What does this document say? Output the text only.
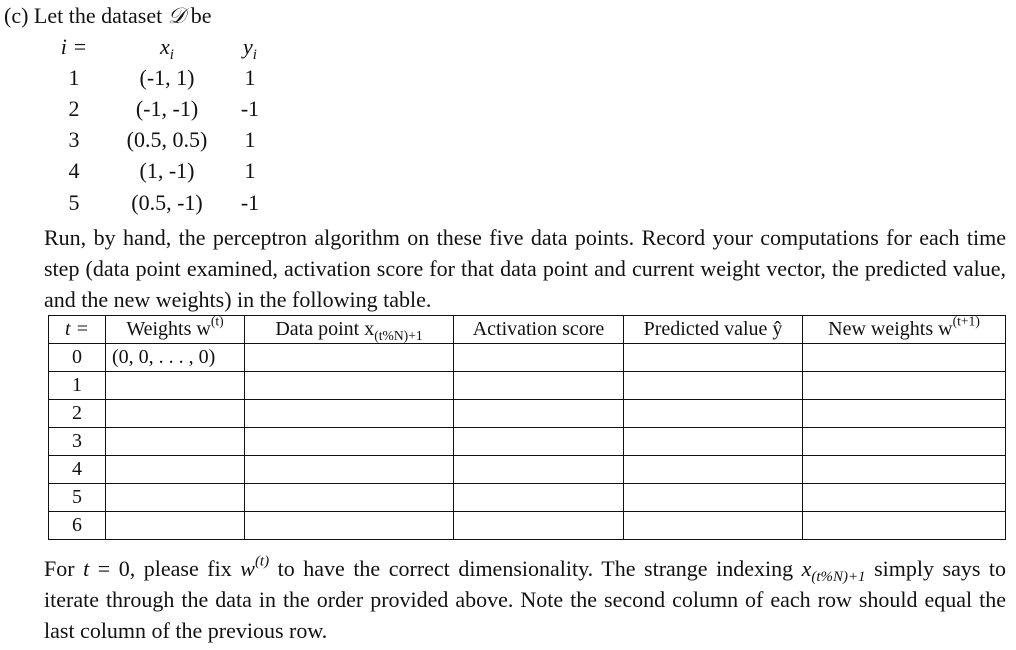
(c) Let the dataset 𝒟 be
i =	$x_i$	$y_i$
1	(-1, 1)	1
2	(-1, -1)	-1
3	(0.5, 0.5)	1
4	(1, -1)	1
5	(0.5, -1)	-1
Run, by hand, the perceptron algorithm on these five data points. Record your computations for each time step (data point examined, activation score for that data point and current weight vector, the predicted value, and the new weights) in the following table.
t =	Weights $w^{(t)}$	Data point $x_{(t\%N)+1}$	Activation score	Predicted value ŷ	New weights $w^{(t+1)}$
0	(0, 0, . . . , 0)				
1					
2					
3					
4					
5					
6					
For t = 0, please fix $w^{(t)}$ to have the correct dimensionality. The strange indexing $x_{(t\%N)+1}$ simply says to iterate through the data in the order provided above. Note the second column of each row should equal the last column of the previous row.
